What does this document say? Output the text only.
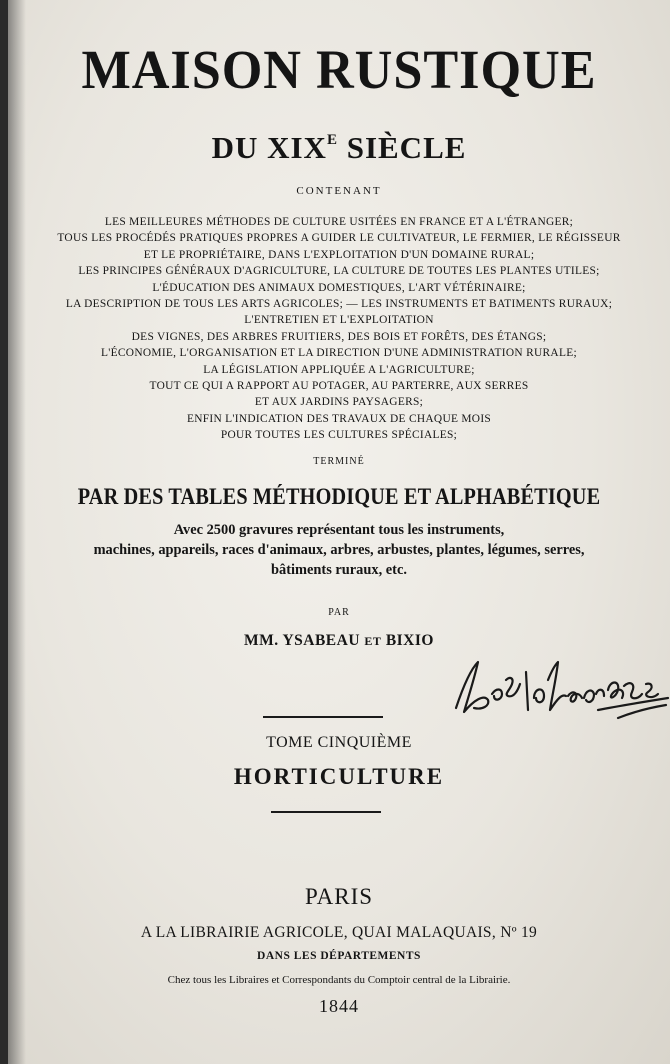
MAISON RUSTIQUE
DU $XIX^E$ SIÈCLE
CONTENANT
LES MEILLEURES MÉTHODES DE CULTURE USITÉES EN FRANCE ET A L'ÉTRANGER;
TOUS LES PROCÉDÉS PRATIQUES PROPRES A GUIDER LE CULTIVATEUR, LE FERMIER, LE RÉGISSEUR
ET LE PROPRIÉTAIRE, DANS L'EXPLOITATION D'UN DOMAINE RURAL;
LES PRINCIPES GÉNÉRAUX D'AGRICULTURE, LA CULTURE DE TOUTES LES PLANTES UTILES;
L'ÉDUCATION DES ANIMAUX DOMESTIQUES, L'ART VÉTÉRINAIRE;
LA DESCRIPTION DE TOUS LES ARTS AGRICOLES; — LES INSTRUMENTS ET BATIMENTS RURAUX;
L'ENTRETIEN ET L'EXPLOITATION
DES VIGNES, DES ARBRES FRUITIERS, DES BOIS ET FORÊTS, DES ÉTANGS;
L'ÉCONOMIE, L'ORGANISATION ET LA DIRECTION D'UNE ADMINISTRATION RURALE;
LA LÉGISLATION APPLIQUÉE A L'AGRICULTURE;
TOUT CE QUI A RAPPORT AU POTAGER, AU PARTERRE, AUX SERRES
ET AUX JARDINS PAYSAGERS;
ENFIN L'INDICATION DES TRAVAUX DE CHAQUE MOIS
POUR TOUTES LES CULTURES SPÉCIALES;
TERMINÉ
PAR DES TABLES MÉTHODIQUE ET ALPHABÉTIQUE
Avec 2500 gravures représentant tous les instruments,
machines, appareils, races d'animaux, arbres, arbustes, plantes, légumes, serres,
bâtiments ruraux, etc.
PAR
MM. YSABEAU ET BIXIO
TOME CINQUIÈME
HORTICULTURE
PARIS
A LA LIBRAIRIE AGRICOLE, QUAI MALAQUAIS, Nº 19
DANS LES DÉPARTEMENTS
Chez tous les Libraires et Correspondants du Comptoir central de la Librairie.
1844
